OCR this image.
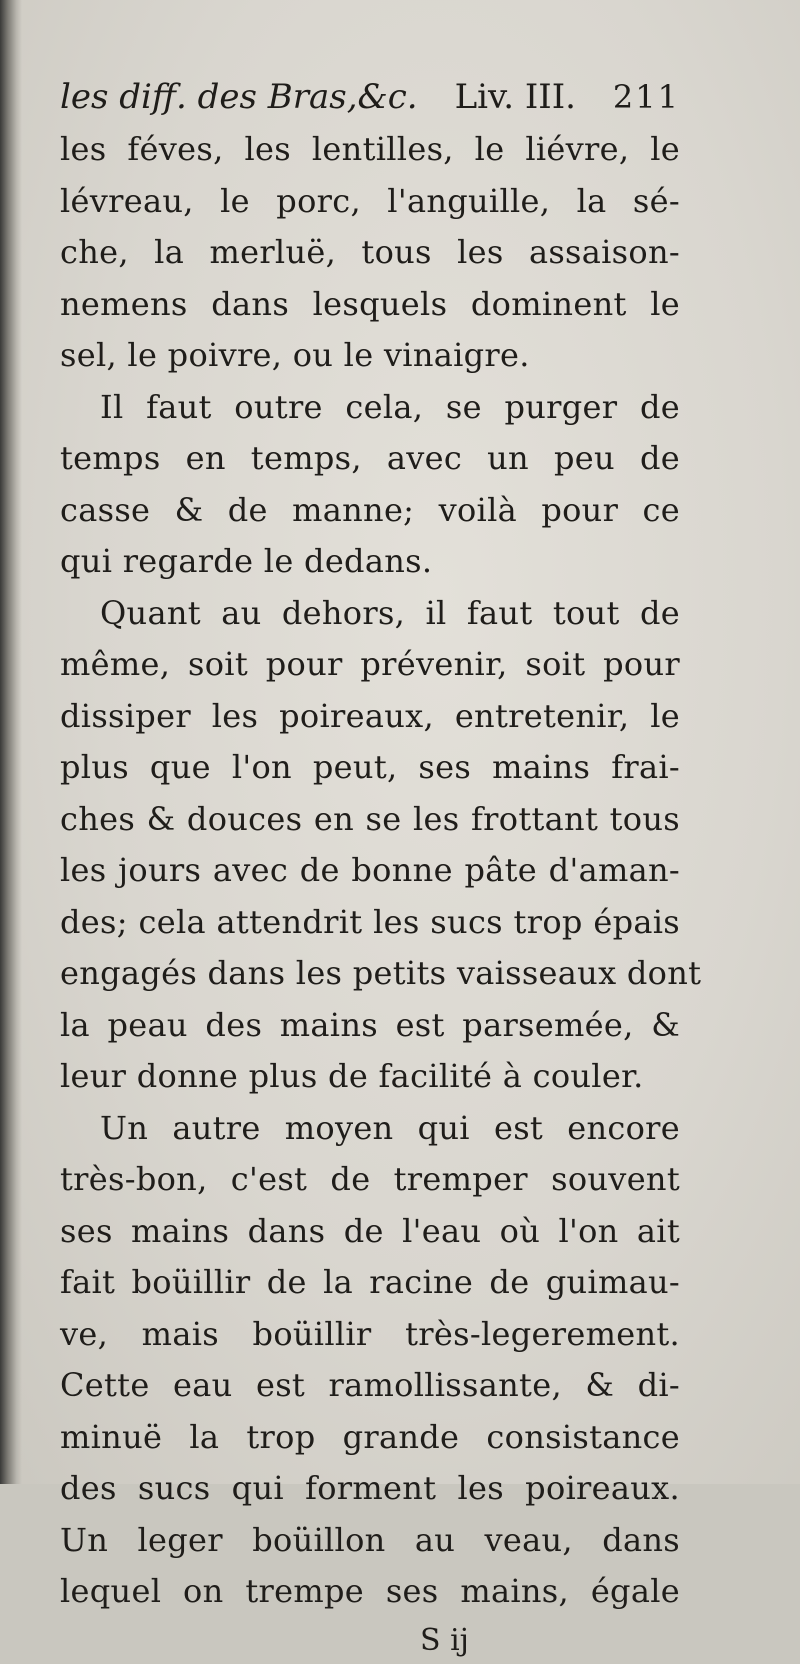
les diff. des Bras,&c. Liv. III. 211
les féves, les lentilles, le liévre, le
lévreau, le porc, l'anguille, la sé-
che, la merluë, tous les assaison-
nemens dans lesquels dominent le
sel, le poivre, ou le vinaigre.
Il faut outre cela, se purger de
temps en temps, avec un peu de
casse & de manne; voilà pour ce
qui regarde le dedans.
Quant au dehors, il faut tout de
même, soit pour prévenir, soit pour
dissiper les poireaux, entretenir, le
plus que l'on peut, ses mains frai-
ches & douces en se les frottant tous
les jours avec de bonne pâte d'aman-
des; cela attendrit les sucs trop épais
engagés dans les petits vaisseaux dont
la peau des mains est parsemée, &
leur donne plus de facilité à couler.
Un autre moyen qui est encore
très-bon, c'est de tremper souvent
ses mains dans de l'eau où l'on ait
fait boüillir de la racine de guimau-
ve, mais boüillir très-legerement.
Cette eau est ramollissante, & di-
minuë la trop grande consistance
des sucs qui forment les poireaux.
Un leger boüillon au veau, dans
lequel on trempe ses mains, égale
S ij
